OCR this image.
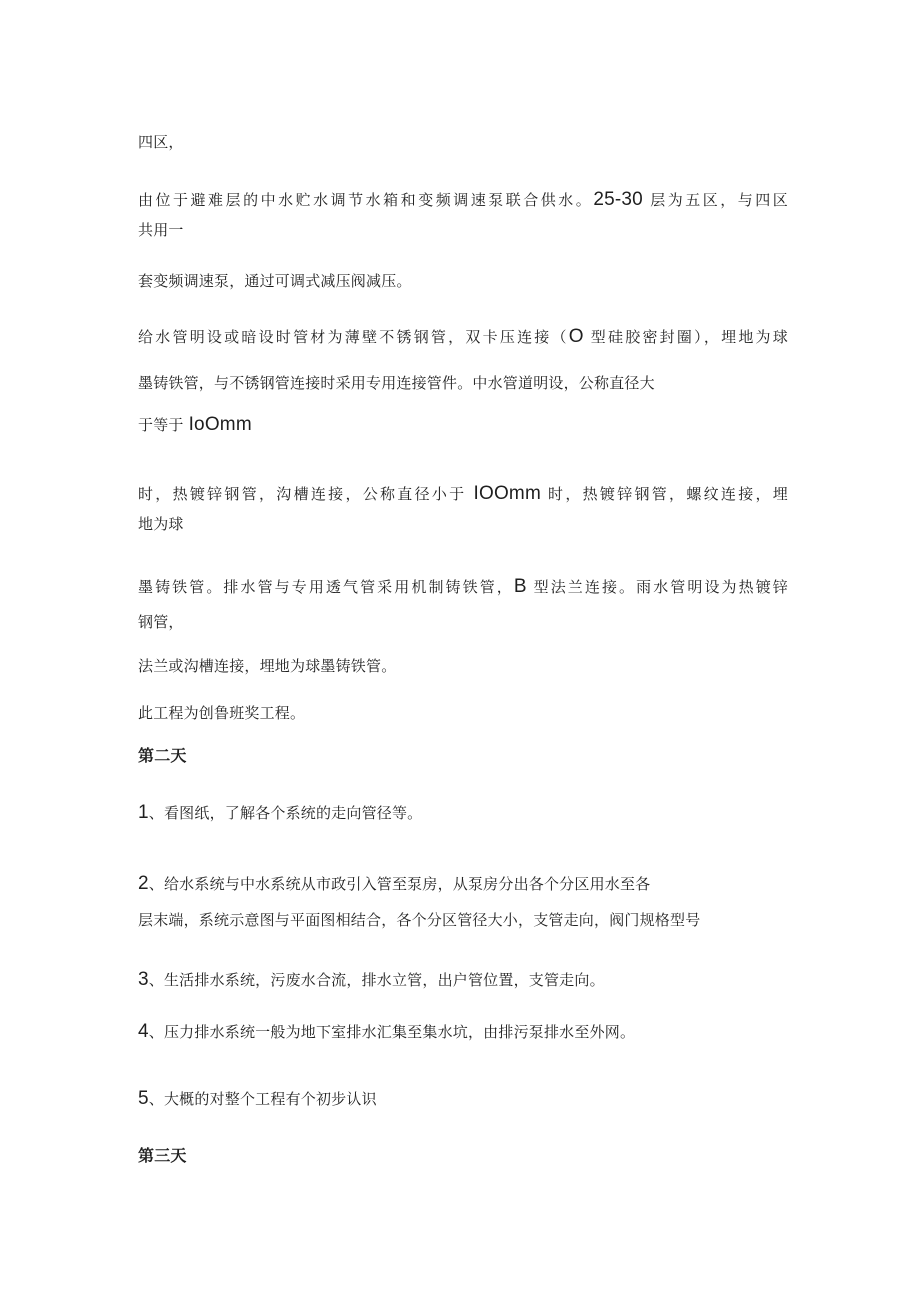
四区，
由位于避难层的中水贮水调节水箱和变频调速泵联合供水。25-30 层为五区，与四区
共用一
套变频调速泵，通过可调式减压阀减压。
给水管明设或暗设时管材为薄壁不锈钢管，双卡压连接（O 型硅胶密封圈），埋地为球
墨铸铁管，与不锈钢管连接时采用专用连接管件。中水管道明设，公称直径大
于等于 IoOmm
时，热镀锌钢管，沟槽连接，公称直径小于 IOOmm 时，热镀锌钢管，螺纹连接，埋
地为球
墨铸铁管。排水管与专用透气管采用机制铸铁管，B 型法兰连接。雨水管明设为热镀锌
钢管，
法兰或沟槽连接，埋地为球墨铸铁管。
此工程为创鲁班奖工程。
第二天
1、看图纸，了解各个系统的走向管径等。
2、给水系统与中水系统从市政引入管至泵房，从泵房分出各个分区用水至各
层末端，系统示意图与平面图相结合，各个分区管径大小，支管走向，阀门规格型号
3、生活排水系统，污废水合流，排水立管，出户管位置，支管走向。
4、压力排水系统一般为地下室排水汇集至集水坑，由排污泵排水至外网。
5、大概的对整个工程有个初步认识
第三天
